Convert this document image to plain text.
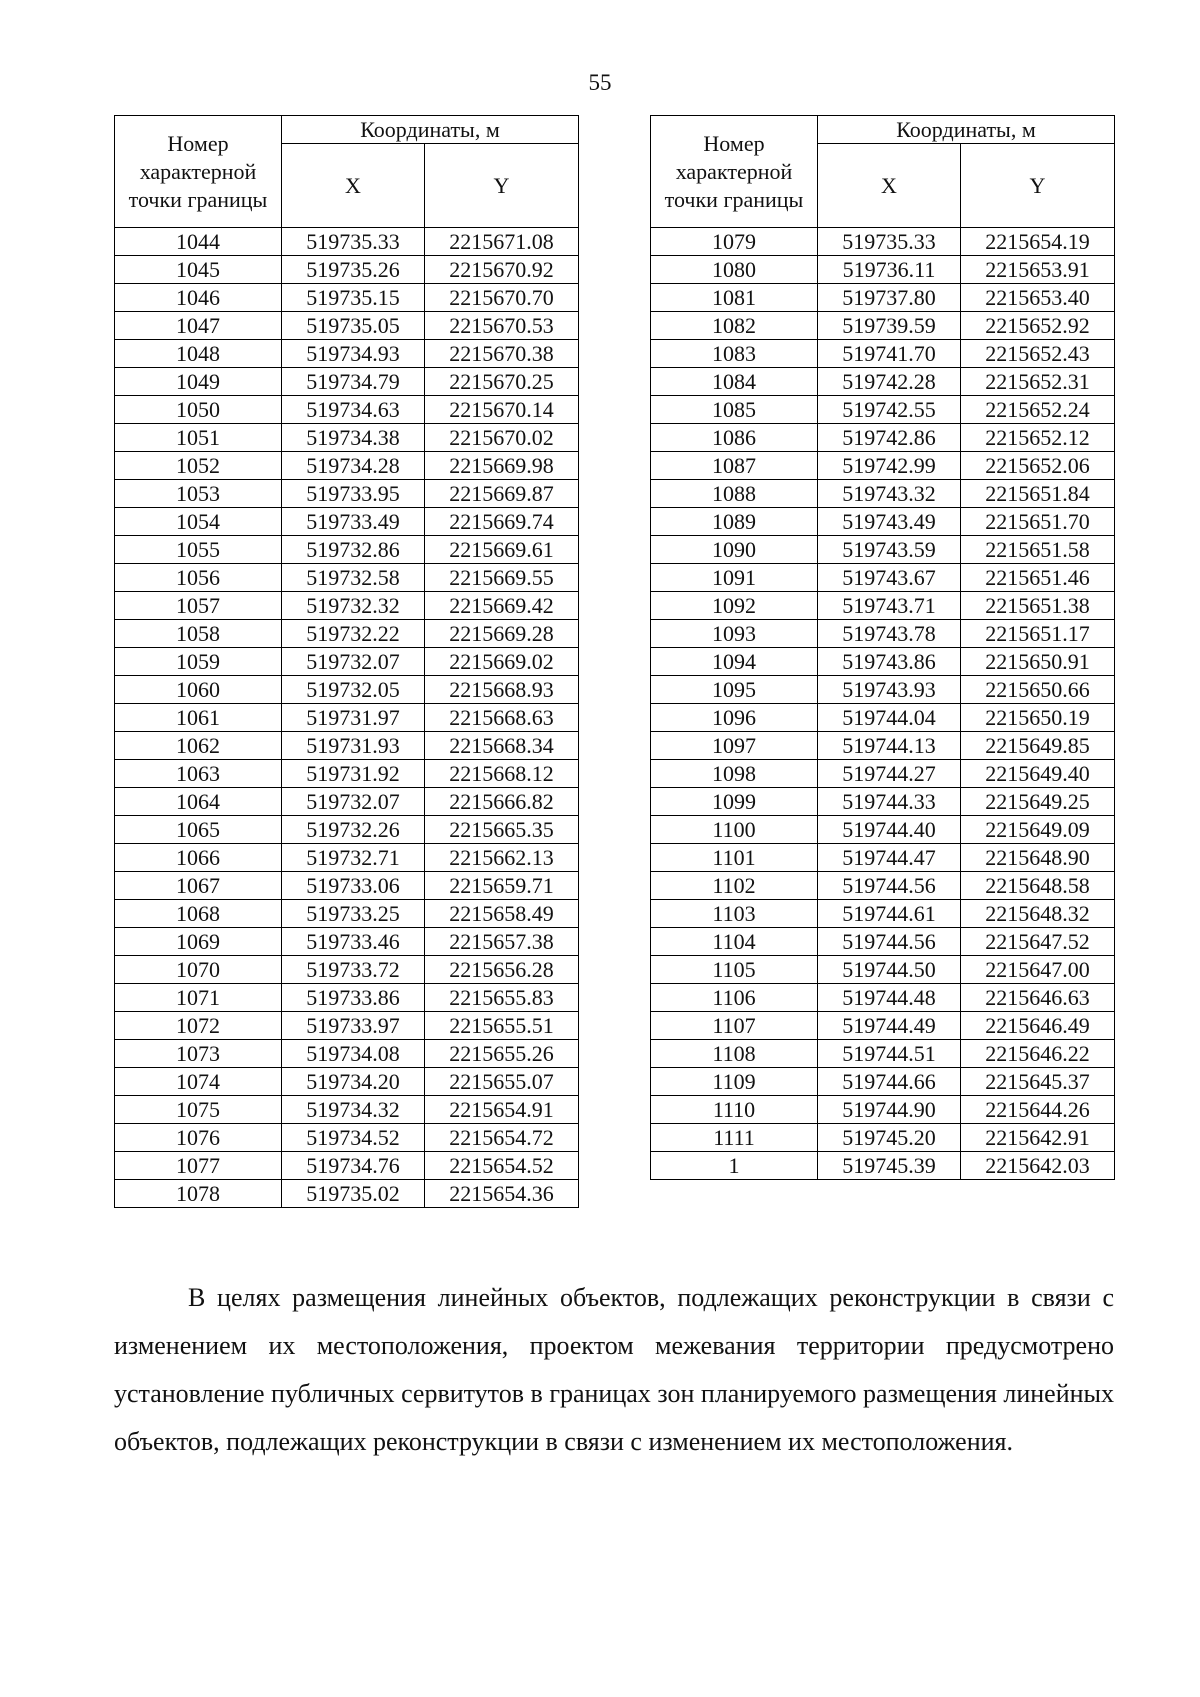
55
Номер характерной точки границы	Координаты, м	
	X	Y
1044	519735.33	2215671.08
1045	519735.26	2215670.92
1046	519735.15	2215670.70
1047	519735.05	2215670.53
1048	519734.93	2215670.38
1049	519734.79	2215670.25
1050	519734.63	2215670.14
1051	519734.38	2215670.02
1052	519734.28	2215669.98
1053	519733.95	2215669.87
1054	519733.49	2215669.74
1055	519732.86	2215669.61
1056	519732.58	2215669.55
1057	519732.32	2215669.42
1058	519732.22	2215669.28
1059	519732.07	2215669.02
1060	519732.05	2215668.93
1061	519731.97	2215668.63
1062	519731.93	2215668.34
1063	519731.92	2215668.12
1064	519732.07	2215666.82
1065	519732.26	2215665.35
1066	519732.71	2215662.13
1067	519733.06	2215659.71
1068	519733.25	2215658.49
1069	519733.46	2215657.38
1070	519733.72	2215656.28
1071	519733.86	2215655.83
1072	519733.97	2215655.51
1073	519734.08	2215655.26
1074	519734.20	2215655.07
1075	519734.32	2215654.91
1076	519734.52	2215654.72
1077	519734.76	2215654.52
1078	519735.02	2215654.36
Номер характерной точки границы	Координаты, м	
	X	Y
1079	519735.33	2215654.19
1080	519736.11	2215653.91
1081	519737.80	2215653.40
1082	519739.59	2215652.92
1083	519741.70	2215652.43
1084	519742.28	2215652.31
1085	519742.55	2215652.24
1086	519742.86	2215652.12
1087	519742.99	2215652.06
1088	519743.32	2215651.84
1089	519743.49	2215651.70
1090	519743.59	2215651.58
1091	519743.67	2215651.46
1092	519743.71	2215651.38
1093	519743.78	2215651.17
1094	519743.86	2215650.91
1095	519743.93	2215650.66
1096	519744.04	2215650.19
1097	519744.13	2215649.85
1098	519744.27	2215649.40
1099	519744.33	2215649.25
1100	519744.40	2215649.09
1101	519744.47	2215648.90
1102	519744.56	2215648.58
1103	519744.61	2215648.32
1104	519744.56	2215647.52
1105	519744.50	2215647.00
1106	519744.48	2215646.63
1107	519744.49	2215646.49
1108	519744.51	2215646.22
1109	519744.66	2215645.37
1110	519744.90	2215644.26
1111	519745.20	2215642.91
1	519745.39	2215642.03

В целях размещения линейных объектов, подлежащих реконструкции в связи с изменением их местоположения, проектом межевания территории предусмотрено установление публичных сервитутов в границах зон планируемого размещения линейных объектов, подлежащих реконструкции в связи с изменением их местоположения.
